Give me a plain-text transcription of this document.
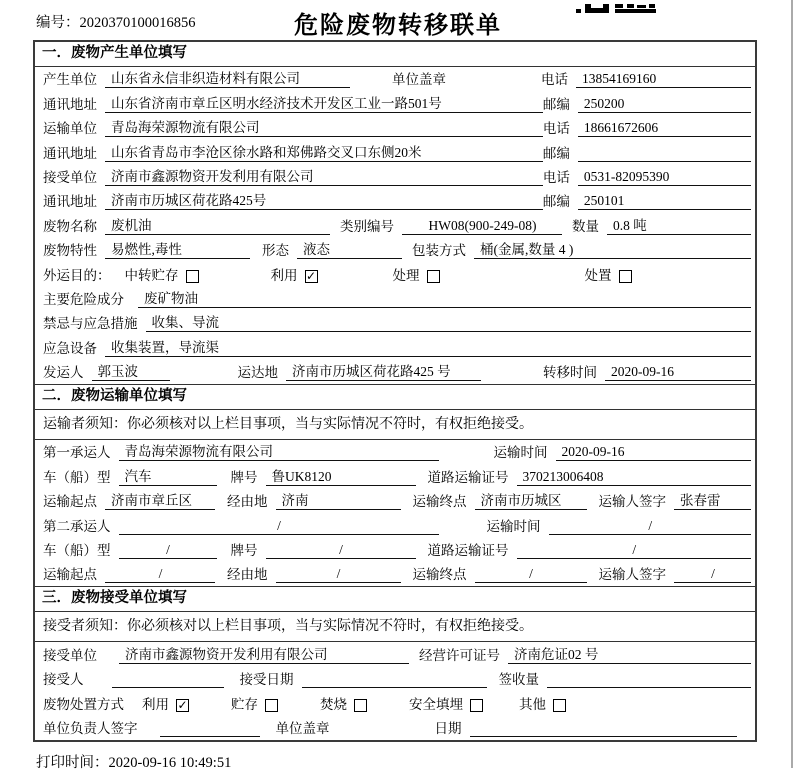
编号：2020370100016856	危险废物转移联单
一．废物产生单位填写
产生单位	山东省永信非织造材料有限公司	单位盖章	电话	13854169160
通讯地址	山东省济南市章丘区明水经济技术开发区工业一路501号	邮编	250200
运输单位	青岛海荣源物流有限公司	电话	18661672606
通讯地址	山东省青岛市李沧区徐水路和郑佛路交叉口东侧20米	邮编
接受单位	济南市鑫源物资开发利用有限公司	电话	0531-82095390
通讯地址	济南市历城区荷花路425号	邮编	250101
废物名称	废机油	类别编号	HW08(900-249-08)	数量	0.8 吨
废物特性	易燃性,毒性	形态	液态	包装方式	桶(金属,数量 4 )
外运目的： 中转贮存	利用 ✓	处理	处置
主要危险成分	废矿物油
禁忌与应急措施	收集、导流
应急设备	收集装置，导流渠
发运人	郭玉波	运达地	济南市历城区荷花路425 号	转移时间	2020-09-16
二．废物运输单位填写
运输者须知：你必须核对以上栏目事项，当与实际情况不符时，有权拒绝接受。
第一承运人	青岛海荣源物流有限公司	运输时间	2020-09-16
车（船）型	汽车	牌号	鲁UK8120	道路运输证号	370213006408
运输起点	济南市章丘区	经由地	济南	运输终点	济南市历城区	运输人签字	张春雷
第二承运人	/	运输时间	/
车（船）型	/	牌号	/	道路运输证号	/
运输起点	/	经由地	/	运输终点	/	运输人签字	/
三．废物接受单位填写
接受者须知：你必须核对以上栏目事项，当与实际情况不符时，有权拒绝接受。
接受单位	济南市鑫源物资开发利用有限公司	经营许可证号	济南危证02 号
接受人	接受日期	签收量
废物处置方式 利用 ✓	贮存	焚烧	安全填埋	其他
单位负责人签字	单位盖章	日期
打印时间：2020-09-16 10:49:51
